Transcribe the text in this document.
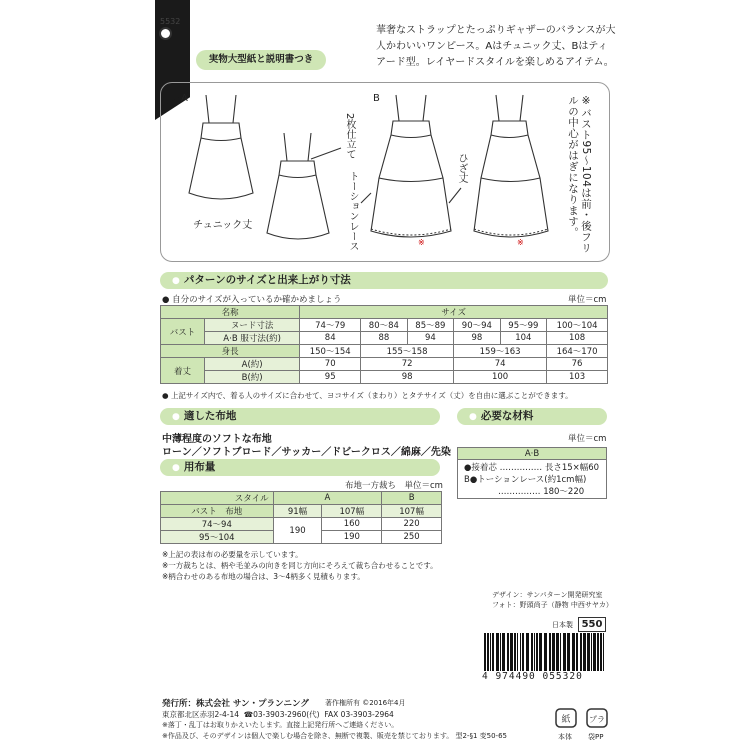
5532
切り取ってそのまま使える ✂
実物大型紙と説明書つき
華奢なストラップとたっぷりギャザーのバランスが大人かわいいワンピース。Aはチュニック丈、Bはティアード型。レイヤードスタイルを楽しめるアイテム。
A	B
チュニック丈
2枚仕立て
トーションレース
ひざ丈
※	※	※バスト95〜104は前・後フリルの中心がはぎになります。
● パターンのサイズと出来上がり寸法
● 自分のサイズが入っているか確かめましょう	単位＝cm
名称		サイズ					
バスト	ヌード寸法	74〜79	80〜84	85〜89	90〜94	95〜99	100〜104
	A·B 服寸法(約)	84	88	94	98	104	108
身長		150〜154	155〜158		159〜163		164〜170
着丈	A(約)	70	72		74		76
	B(約)	95	98		100		103
● 上記サイズ内で、着る人のサイズに合わせて、ヨコサイズ（まわり）とタテサイズ（丈）を自由に選ぶことができます。
● 適した布地
中薄程度のソフトな布地
ローン／ソフトブロード／サッカー／ドビークロス／綿麻／先染
● 必要な材料
単位＝cm
A·B
●接着芯 …………… 長さ15×幅60
B●トーションレース(約1cm幅)
…………… 180〜220
● 用布量
布地一方裁ち　単位＝cm
スタイル	A		B
バスト　布地	91幅	107幅	107幅
74〜94	190	160	220
95〜104		190	250
※上記の表は布の必要量を示しています。
※一方裁ちとは、柄や毛並みの向きを同じ方向にそろえて裁ち合わせることです。
※柄合わせのある布地の場合は、3〜4柄多く見積もります。
デザイン：サンパターン開発研究室
フォト：野頭尚子（静物 中西サヤカ）
日本製 550
4 974490 055320
発行所：株式会社 サン・プランニング 著作権所有 ©2016年4月
東京都北区赤羽2-4-14 ☎03-3903-2960(代) FAX 03-3903-2964
※落丁・乱丁はお取りかえいたします。直接上記発行所へご連絡ください。
※作品及び、そのデザインは個人で楽しむ場合を除き、無断で複製、販売を禁じております。 型2-§1 变50-65
紙 プラ
本体 袋PP
